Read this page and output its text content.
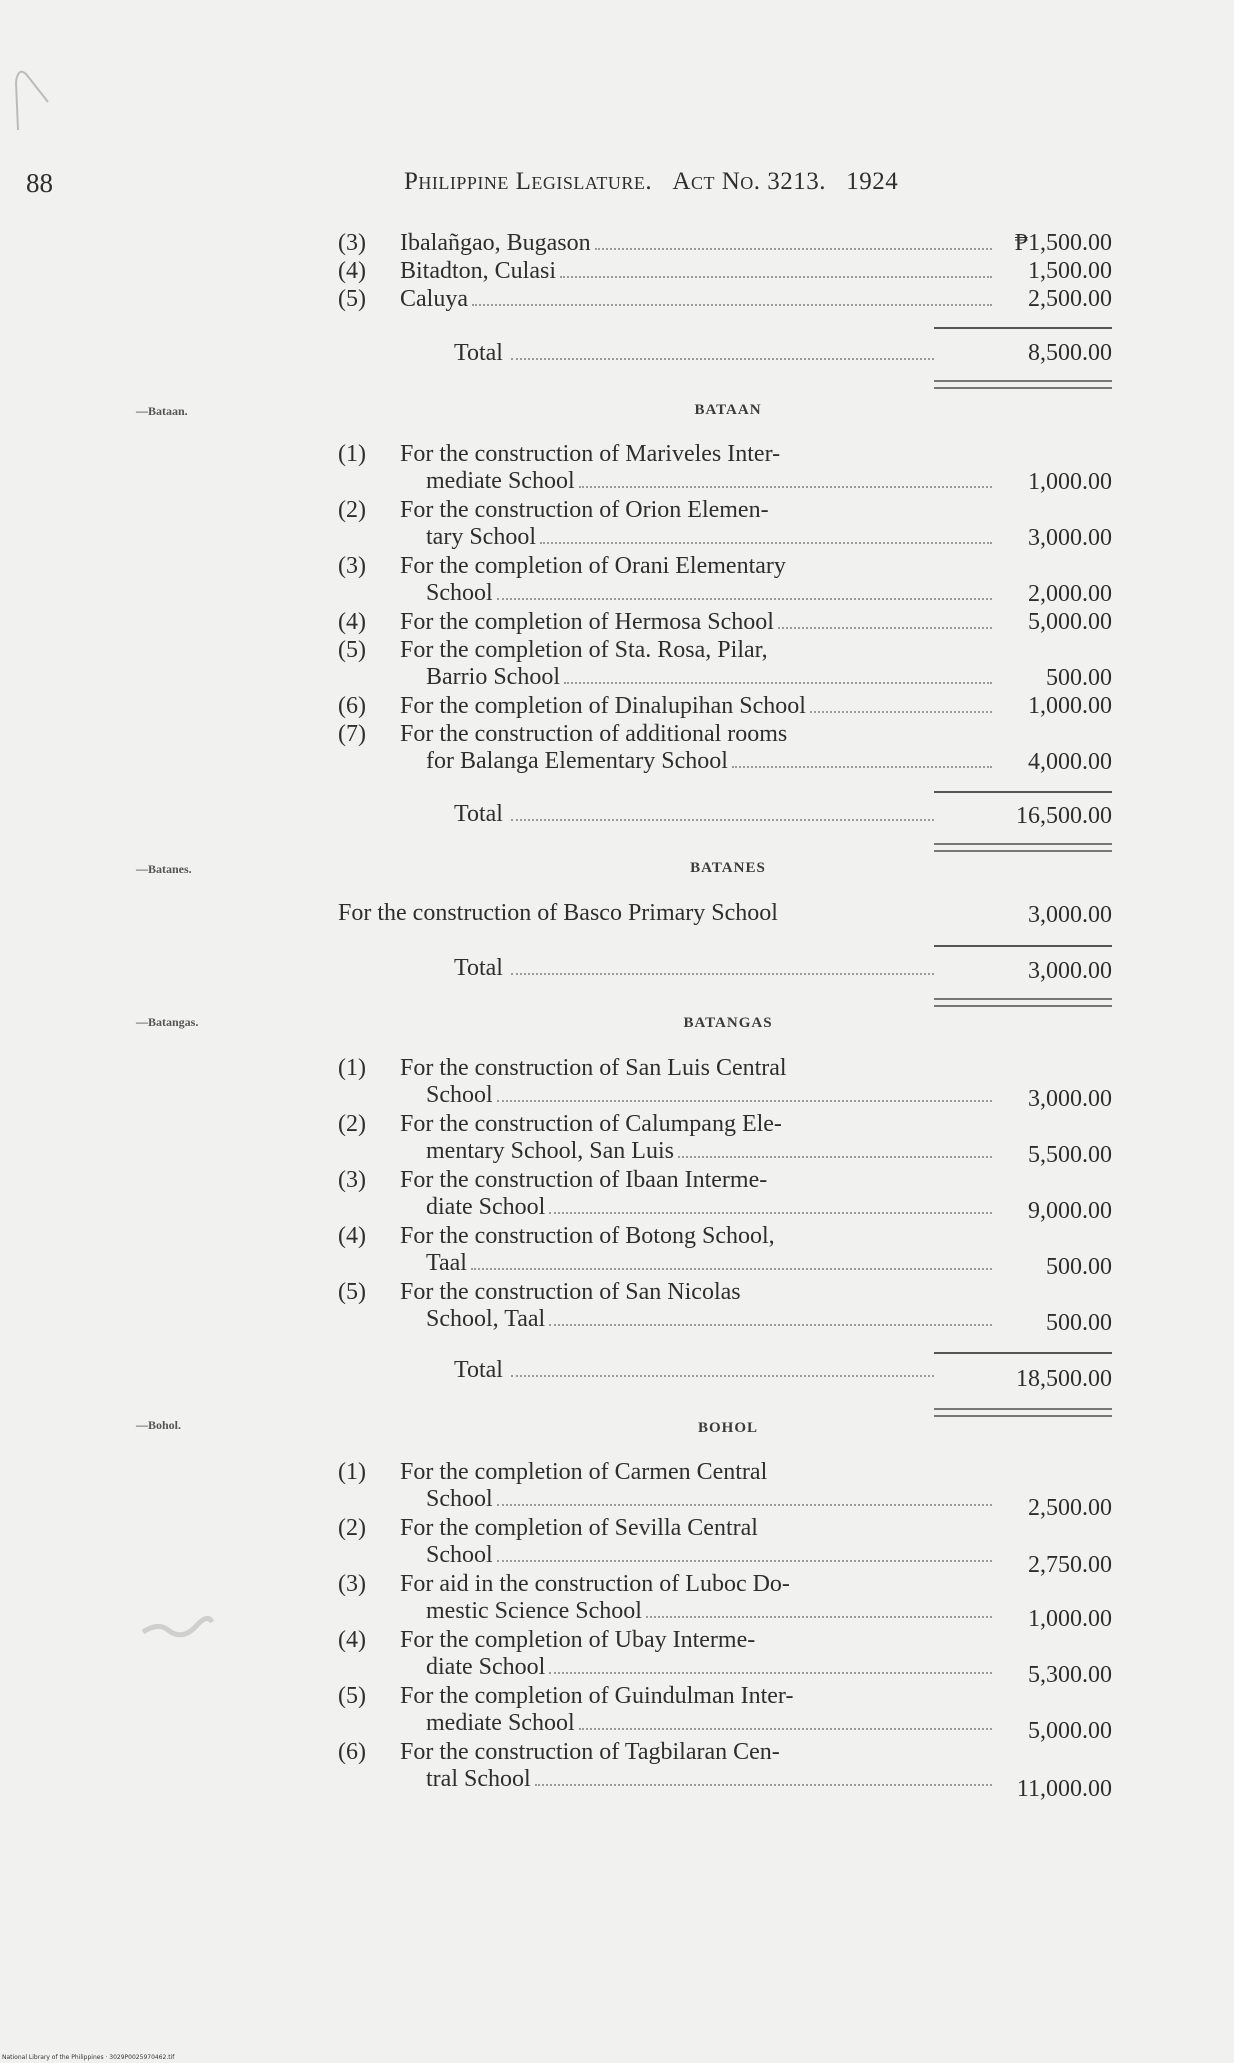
88	Philippine Legislature. Act No. 3213. 1924
(3)	Ibalañgao, Bugason	₱1,500.00
(4)	Bitadton, Culasi	1,500.00
(5)	Caluya	2,500.00
Total	8,500.00
—Bataan.	BATAAN
(1)	For the construction of Mariveles Inter-
mediate School	1,000.00
(2)	For the construction of Orion Elemen-
tary School	3,000.00
(3)	For the completion of Orani Elementary
School	2,000.00
(4)	For the completion of Hermosa School	5,000.00
(5)	For the completion of Sta. Rosa, Pilar,
Barrio School	500.00
(6)	For the completion of Dinalupihan School	1,000.00
(7)	For the construction of additional rooms
for Balanga Elementary School	4,000.00
Total	16,500.00
—Batanes.	BATANES
For the construction of Basco Primary School	3,000.00
Total	3,000.00
—Batangas.	BATANGAS
(1)	For the construction of San Luis Central
School	3,000.00
(2)	For the construction of Calumpang Ele-
mentary School, San Luis	5,500.00
(3)	For the construction of Ibaan Interme-
diate School	9,000.00
(4)	For the construction of Botong School,
Taal	500.00
(5)	For the construction of San Nicolas
School, Taal	500.00
Total	18,500.00
—Bohol.	BOHOL
(1)	For the completion of Carmen Central
School	2,500.00
(2)	For the completion of Sevilla Central
School	2,750.00
(3)	For aid in the construction of Luboc Do-
mestic Science School	1,000.00
(4)	For the completion of Ubay Interme-
diate School	5,300.00
(5)	For the completion of Guindulman Inter-
mediate School	5,000.00
(6)	For the construction of Tagbilaran Cen-
tral School	11,000.00
National Library of the Philippines · 3029P0025970462.tif
